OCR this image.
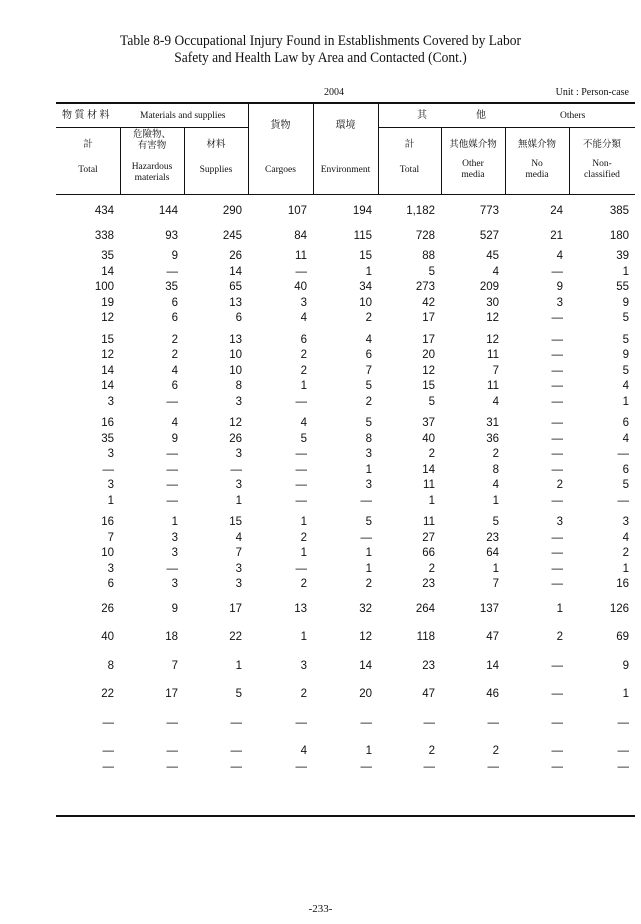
Table 8-9 Occupational Injury Found in Establishments Covered by Labor
Safety and Health Law by Area and Contacted (Cont.)
2004	Unit : Person-case
物 質 材 料	Materials and supplies
貨物	環境
其	他	Others
計
Total
危險物、
有害物
Hazardous
materials
材料
Supplies	Cargoes	Environment
計
Total
其他媒介物
Other
media
無媒介物
No
media
不能分類
Non-
classified
434	144	290	107	194	1,182	773	24	385
338	93	245	84	115	728	527	21	180
35	9	26	11	15	88	45	4	39
14	—	14	—	1	5	4	—	1
100	35	65	40	34	273	209	9	55
19	6	13	3	10	42	30	3	9
12	6	6	4	2	17	12	—	5
15	2	13	6	4	17	12	—	5
12	2	10	2	6	20	11	—	9
14	4	10	2	7	12	7	—	5
14	6	8	1	5	15	11	—	4
3	—	3	—	2	5	4	—	1
16	4	12	4	5	37	31	—	6
35	9	26	5	8	40	36	—	4
3	—	3	—	3	2	2	—	—
—	—	—	—	1	14	8	—	6
3	—	3	—	3	11	4	2	5
1	—	1	—	—	1	1	—	—
16	1	15	1	5	11	5	3	3
7	3	4	2	—	27	23	—	4
10	3	7	1	1	66	64	—	2
3	—	3	—	1	2	1	—	1
6	3	3	2	2	23	7	—	16
26	9	17	13	32	264	137	1	126
40	18	22	1	12	118	47	2	69
8	7	1	3	14	23	14	—	9
22	17	5	2	20	47	46	—	1
—	—	—	—	—	—	—	—	—
—	—	—	4	1	2	2	—	—
—	—	—	—	—	—	—	—	—
-233-
